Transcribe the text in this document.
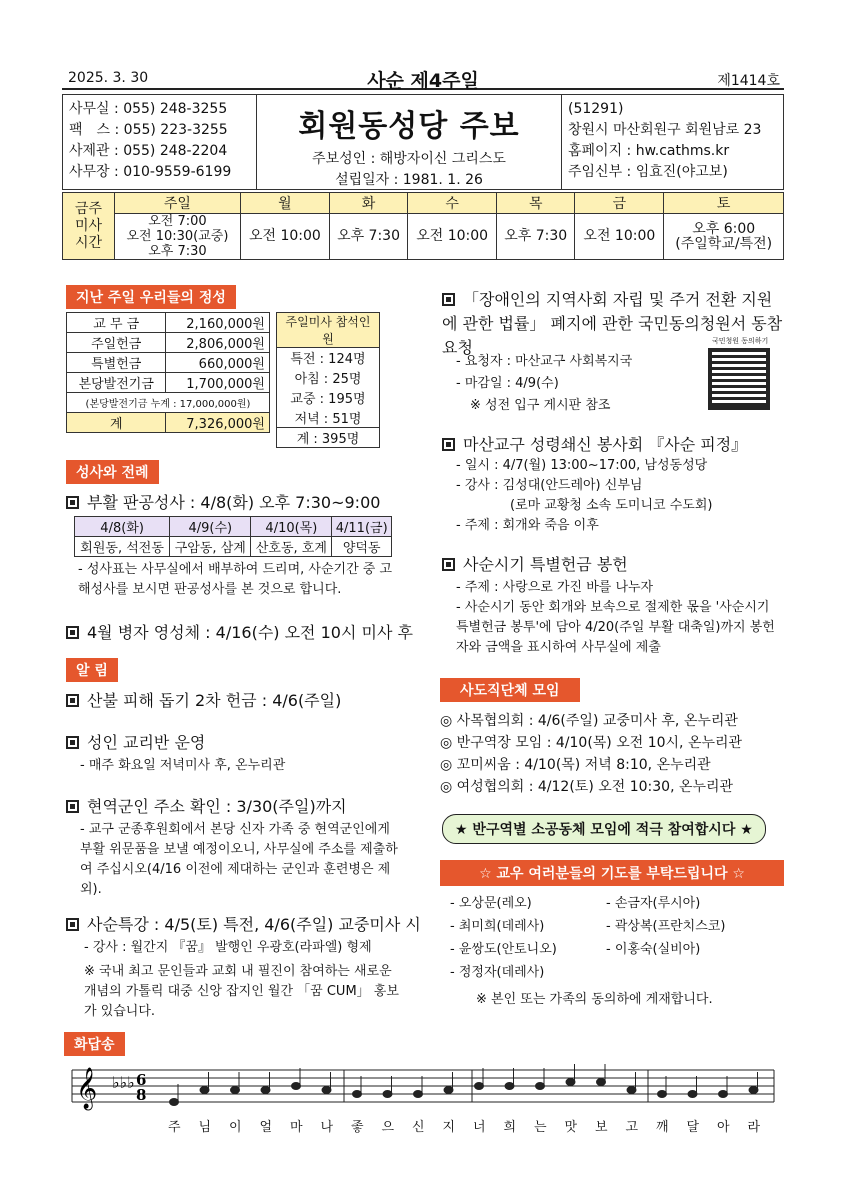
2025. 3. 30	사순 제4주일	제1414호
사무실 : 055) 248-3255
팩　스 : 055) 223-3255
사제관 : 055) 248-2204
사무장 : 010-9559-6199
회원동성당 주보
주보성인 : 해방자이신 그리스도
설립일자 : 1981. 1. 26
(51291)
창원시 마산회원구 회원남로 23
홈페이지 : hw.cathms.kr
주임신부 : 임효진(야고보)
금주 미사 시간	주일	월	화	수	목	금	토
	오전 7:00
오전 10:30(교중)
오후 7:30	오전 10:00	오후 7:30	오전 10:00	오후 7:30	오전 10:00	오후 6:00
(주일학교/특전)
지난 주일 우리들의 정성
교 무 금	2,160,000원
주일헌금	2,806,000원
특별헌금	660,000원
본당발전기금	1,700,000원
(본당발전기금 누계 : 17,000,000원)	
계	7,326,000원
주일미사 참석인원
특전 : 124명
아침 : 25명
교중 : 195명
저녁 : 51명
계 : 395명
성사와 전례
부활 판공성사 : 4/8(화) 오후 7:30~9:00
4/8(화)	4/9(수)	4/10(목)	4/11(금)
회원동, 석전동	구암동, 삼계	산호동, 호계	양덕동
- 성사표는 사무실에서 배부하여 드리며, 사순기간 중 고해성사를 보시면 판공성사를 본 것으로 합니다.
4월 병자 영성체 : 4/16(수) 오전 10시 미사 후
알 림
산불 피해 돕기 2차 헌금 : 4/6(주일)
성인 교리반 운영
- 매주 화요일 저녁미사 후, 온누리관
현역군인 주소 확인 : 3/30(주일)까지
- 교구 군종후원회에서 본당 신자 가족 중 현역군인에게 부활 위문품을 보낼 예정이오니, 사무실에 주소를 제출하여 주십시오(4/16 이전에 제대하는 군인과 훈련병은 제외).
사순특강 : 4/5(토) 특전, 4/6(주일) 교중미사 시
- 강사 : 월간지 『꿈』 발행인 우광호(라파엘) 형제
※ 국내 최고 문인들과 교회 내 필진이 참여하는 새로운 개념의 가톨릭 대중 신앙 잡지인 월간 「꿈 CUM」 홍보가 있습니다.
「장애인의 지역사회 자립 및 주거 전환 지원에 관한 법률」 폐지에 관한 국민동의청원서 동참 요청
- 요청자 : 마산교구 사회복지국
- 마감일 : 4/9(수)
※ 성전 입구 게시판 참조
국민청원 동의하기
마산교구 성령쇄신 봉사회 『사순 피정』
- 일시 : 4/7(월) 13:00~17:00, 남성동성당
- 강사 : 김성대(안드레아) 신부님
(로마 교황청 소속 도미니코 수도회)
- 주제 : 회개와 죽음 이후
사순시기 특별헌금 봉헌
- 주제 : 사랑으로 가진 바를 나누자
- 사순시기 동안 회개와 보속으로 절제한 몫을 '사순시기 특별헌금 봉투'에 담아 4/20(주일 부활 대축일)까지 봉헌자와 금액을 표시하여 사무실에 제출
사도직단체 모임
◎ 사목협의회 : 4/6(주일) 교중미사 후, 온누리관
◎ 반구역장 모임 : 4/10(목) 오전 10시, 온누리관
◎ 꼬미씨움 : 4/10(목) 저녁 8:10, 온누리관
◎ 여성협의회 : 4/12(토) 오전 10:30, 온누리관
★ 반구역별 소공동체 모임에 적극 참여합시다 ★
☆ 교우 여러분들의 기도를 부탁드립니다 ☆
- 오상문(레오)
- 최미희(데레사)
- 윤쌍도(안토니오)
- 정정자(데레사)
- 손금자(루시아)
- 곽상복(프란치스코)
- 이홍숙(실비아)
※ 본인 또는 가족의 동의하에 게재합니다.
화답송
𝄞 ♭♭♭ 6
8
주 님 이 얼 마 나 좋 으 신 지 너 희 는 맛 보 고 깨 달 아 라
